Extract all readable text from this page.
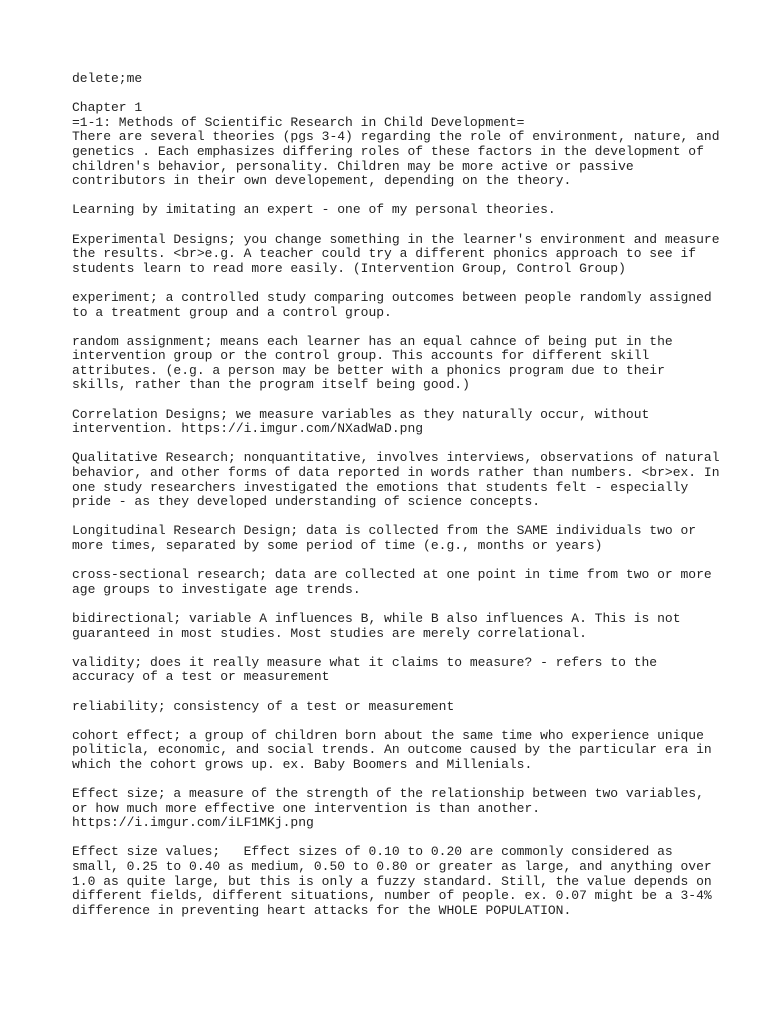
delete;me
Chapter 1
=1-1: Methods of Scientific Research in Child Development=
There are several theories (pgs 3-4) regarding the role of environment, nature, and
genetics . Each emphasizes differing roles of these factors in the development of
children's behavior, personality. Children may be more active or passive
contributors in their own developement, depending on the theory.
Learning by imitating an expert - one of my personal theories.
Experimental Designs; you change something in the learner's environment and measure
the results. <br>e.g. A teacher could try a different phonics approach to see if
students learn to read more easily. (Intervention Group, Control Group)
experiment; a controlled study comparing outcomes between people randomly assigned
to a treatment group and a control group.
random assignment; means each learner has an equal cahnce of being put in the
intervention group or the control group. This accounts for different skill
attributes. (e.g. a person may be better with a phonics program due to their
skills, rather than the program itself being good.)
Correlation Designs; we measure variables as they naturally occur, without
intervention. https://i.imgur.com/NXadWaD.png
Qualitative Research; nonquantitative, involves interviews, observations of natural
behavior, and other forms of data reported in words rather than numbers. <br>ex. In
one study researchers investigated the emotions that students felt - especially
pride - as they developed understanding of science concepts.
Longitudinal Research Design; data is collected from the SAME individuals two or
more times, separated by some period of time (e.g., months or years)
cross-sectional research; data are collected at one point in time from two or more
age groups to investigate age trends.
bidirectional; variable A influences B, while B also influences A. This is not
guaranteed in most studies. Most studies are merely correlational.
validity; does it really measure what it claims to measure? - refers to the
accuracy of a test or measurement
reliability; consistency of a test or measurement
cohort effect; a group of children born about the same time who experience unique
politicla, economic, and social trends. An outcome caused by the particular era in
which the cohort grows up. ex. Baby Boomers and Millenials.
Effect size; a measure of the strength of the relationship between two variables,
or how much more effective one intervention is than another.
https://i.imgur.com/iLF1MKj.png
Effect size values;   Effect sizes of 0.10 to 0.20 are commonly considered as
small, 0.25 to 0.40 as medium, 0.50 to 0.80 or greater as large, and anything over
1.0 as quite large, but this is only a fuzzy standard. Still, the value depends on
different fields, different situations, number of people. ex. 0.07 might be a 3-4%
difference in preventing heart attacks for the WHOLE POPULATION.
